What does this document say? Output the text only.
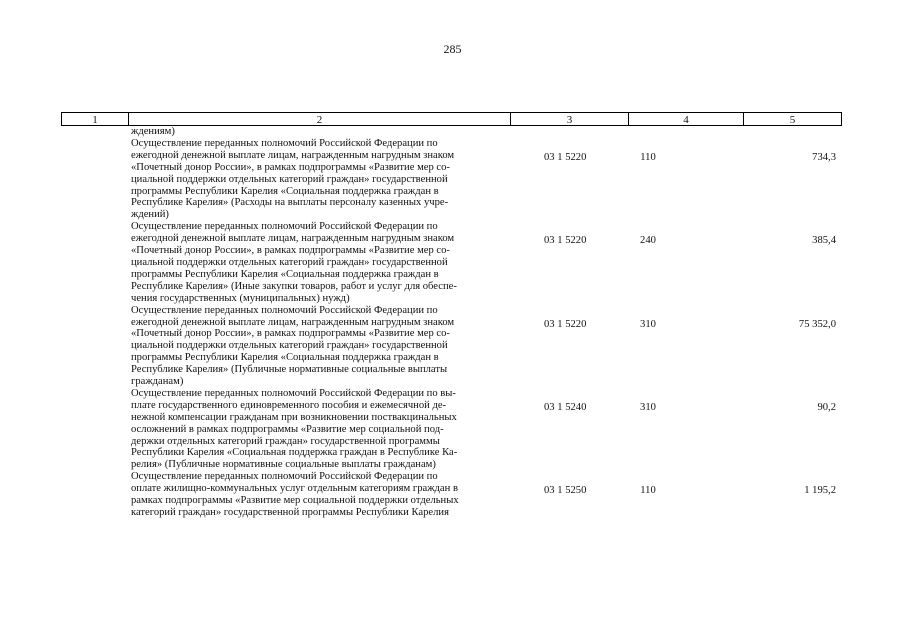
285
1	2	3	4	5
ждениям)
Осуществление переданных полномочий Российской Федерации по
ежегодной денежной выплате лицам, награжденным нагрудным знаком
«Почетный донор России», в рамках подпрограммы «Развитие мер со-
циальной поддержки отдельных категорий граждан» государственной
программы Республики Карелия «Социальная поддержка граждан в
Республике Карелия» (Расходы на выплаты персоналу казенных учре-
ждений)
03 1 5220	110	734,3
Осуществление переданных полномочий Российской Федерации по
ежегодной денежной выплате лицам, награжденным нагрудным знаком
«Почетный донор России», в рамках подпрограммы «Развитие мер со-
циальной поддержки отдельных категорий граждан» государственной
программы Республики Карелия «Социальная поддержка граждан в
Республике Карелия» (Иные закупки товаров, работ и услуг для обеспе-
чения государственных (муниципальных) нужд)
03 1 5220	240	385,4
Осуществление переданных полномочий Российской Федерации по
ежегодной денежной выплате лицам, награжденным нагрудным знаком
«Почетный донор России», в рамках подпрограммы «Развитие мер со-
циальной поддержки отдельных категорий граждан» государственной
программы Республики Карелия «Социальная поддержка граждан в
Республике Карелия» (Публичные нормативные социальные выплаты
гражданам)
03 1 5220	310	75 352,0
Осуществление переданных полномочий Российской Федерации по вы-
плате государственного единовременного пособия и ежемесячной де-
нежной компенсации гражданам при возникновении поствакцинальных
осложнений в рамках подпрограммы «Развитие мер социальной под-
держки отдельных категорий граждан» государственной программы
Республики Карелия «Социальная поддержка граждан в Республике Ка-
релия» (Публичные нормативные социальные выплаты гражданам)
03 1 5240	310	90,2
Осуществление переданных полномочий Российской Федерации по
оплате жилищно-коммунальных услуг отдельным категориям граждан в
рамках подпрограммы «Развитие мер социальной поддержки отдельных
категорий граждан» государственной программы Республики Карелия
03 1 5250	110	1 195,2
